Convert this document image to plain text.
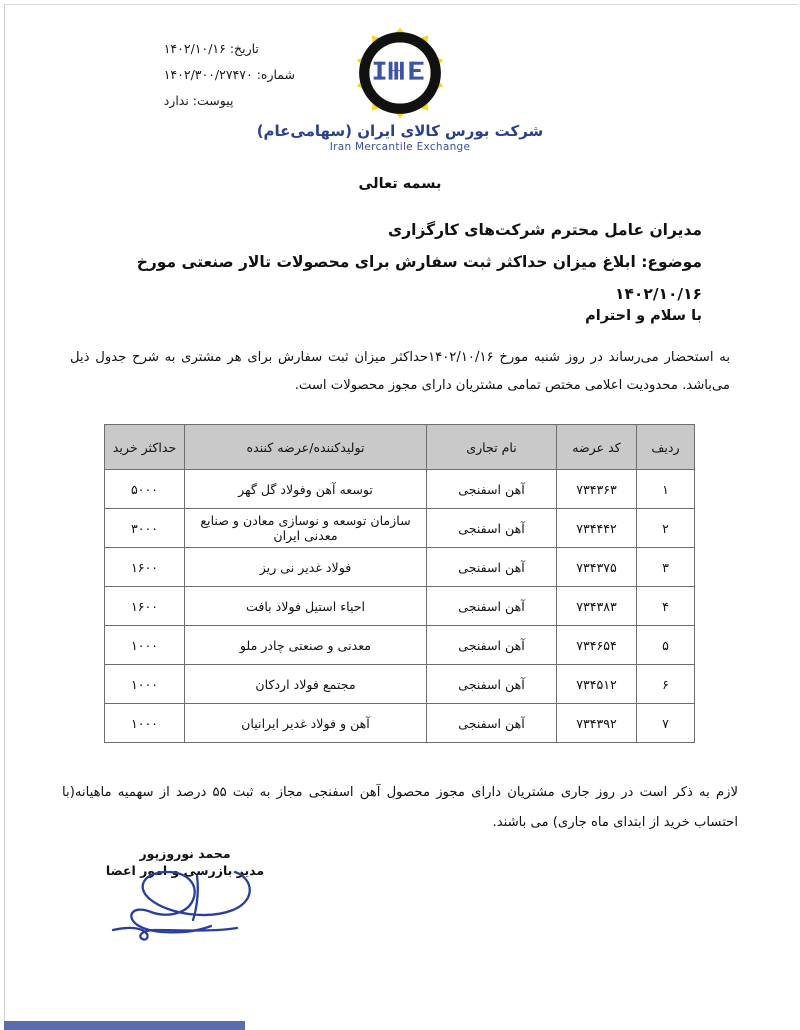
تاریخ: ۱۴۰۲/۱۰/۱۶
شماره: ۱۴۰۲/۳۰۰/۲۷۴۷۰
پیوست: ندارد
شرکت بورس کالای ایران (سهامی‌عام)
Iran Mercantile Exchange
بسمه تعالی
مدیران عامل محترم شرکت‌های کارگزاری
موضوع: ابلاغ میزان حداکثر ثبت سفارش برای محصولات تالار صنعتی مورخ ۱۴۰۲/۱۰/۱۶
با سلام و احترام
به استحضار می‌رساند در روز شنبه مورخ ۱۴۰۲/۱۰/۱۶حداکثر میزان ثبت سفارش برای هر مشتری به شرح جدول ذیل می‌باشد. محدودیت اعلامی مختص تمامی مشتریان دارای مجوز محصولات است.
ردیف	کد عرضه	نام تجاری	تولیدکننده/عرضه کننده	حداکثر خرید
۱	۷۳۴۳۶۳	آهن اسفنجی	توسعه آهن وفولاد گل گهر	۵۰۰۰
۲	۷۳۴۴۴۲	آهن اسفنجی	سازمان توسعه و نوسازی معادن و صنایع معدنی ایران	۳۰۰۰
۳	۷۳۴۳۷۵	آهن اسفنجی	فولاد غدیر نی ریز	۱۶۰۰
۴	۷۳۴۳۸۳	آهن اسفنجی	احیاء استیل فولاد بافت	۱۶۰۰
۵	۷۳۴۶۵۴	آهن اسفنجی	معدنی و صنعتی چادر ملو	۱۰۰۰
۶	۷۳۴۵۱۲	آهن اسفنجی	مجتمع فولاد اردکان	۱۰۰۰
۷	۷۳۴۳۹۲	آهن اسفنجی	آهن و فولاد غدیر ایرانیان	۱۰۰۰
لازم به ذکر است در روز جاری مشتریان دارای مجوز محصول آهن اسفنجی مجاز به ثبت ۵۵ درصد از سهمیه ماهیانه(با احتساب خرید از ابتدای ماه جاری) می باشند.
محمد نوروزپور
مدیر بازرسی و امور اعضا
